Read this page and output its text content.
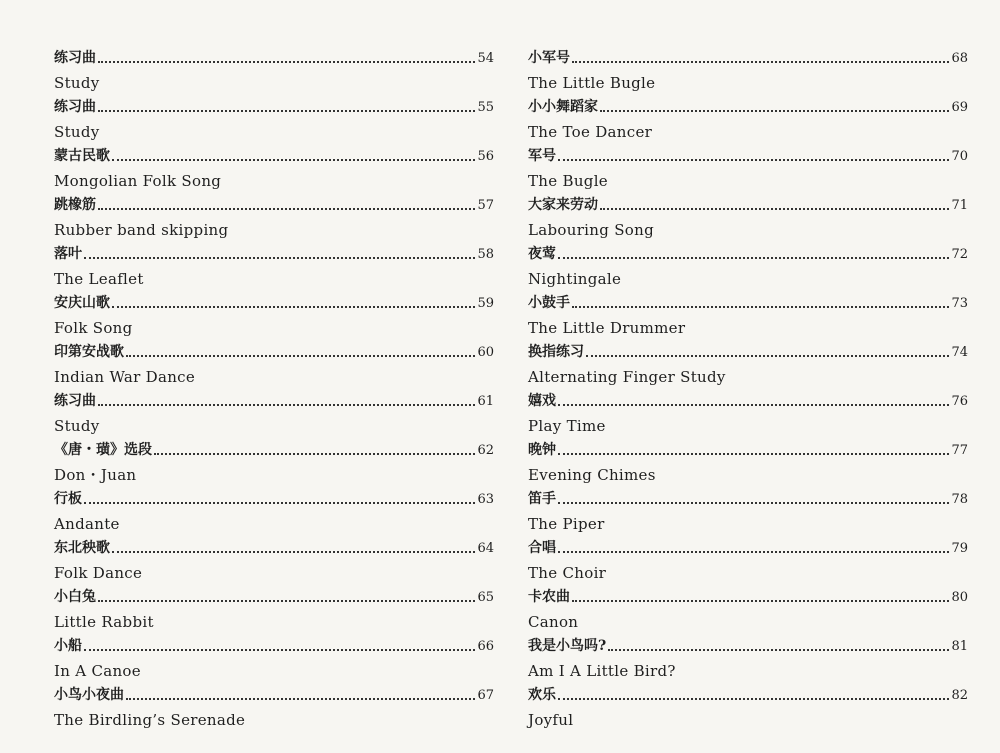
练习曲	54
Study
练习曲	55
Study
蒙古民歌	56
Mongolian Folk Song
跳橡筋	57
Rubber band skipping
落叶	58
The Leaflet
安庆山歌	59
Folk Song
印第安战歌	60
Indian War Dance
练习曲	61
Study
《唐・璜》选段	62
Don・Juan
行板	63
Andante
东北秧歌	64
Folk Dance
小白兔	65
Little Rabbit
小船	66
In A Canoe
小鸟小夜曲	67
The Birdling’s Serenade
小军号	68
The Little Bugle
小小舞蹈家	69
The Toe Dancer
军号	70
The Bugle
大家来劳动	71
Labouring Song
夜莺	72
Nightingale
小鼓手	73
The Little Drummer
换指练习	74
Alternating Finger Study
嬉戏	76
Play Time
晚钟	77
Evening Chimes
笛手	78
The Piper
合唱	79
The Choir
卡农曲	80
Canon
我是小鸟吗?	81
Am I A Little Bird?
欢乐	82
Joyful
